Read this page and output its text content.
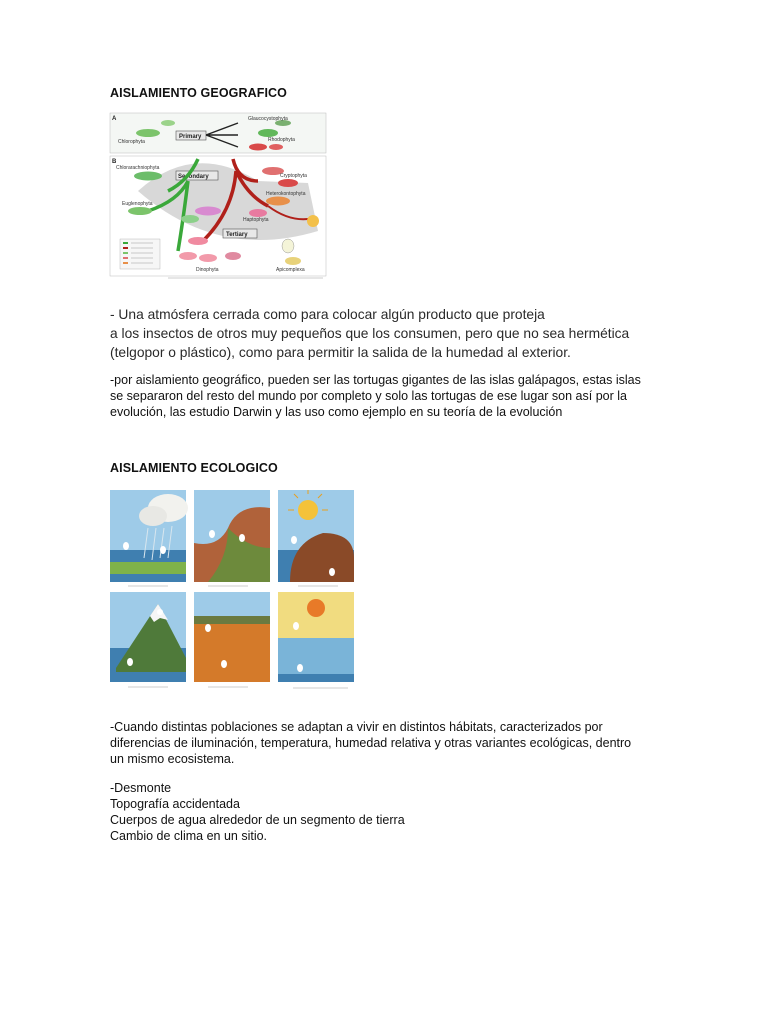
AISLAMIENTO GEOGRAFICO
A
Primary
Glaucocystophyta
Chlorophyta	Rhodophyta
B
Secondary
Chlorarachniophyta
Euglenophyta
Cryptophyta
Heterokontophyta
Haptophyta
Tertiary
Dinophyta	Apicomplexa
- Una atmósfera cerrada como para colocar algún producto que proteja
a los insectos de otros muy pequeños que los consumen, pero que no sea hermética
(telgopor o plástico), como para permitir la salida de la humedad al exterior.
-por aislamiento geográfico, pueden ser las tortugas gigantes de las islas galápagos, estas islas
se separaron del resto del mundo por completo y solo las tortugas de ese lugar son así por la
evolución, las estudio Darwin y las uso como ejemplo en su teoría de la evolución
AISLAMIENTO ECOLOGICO
-Cuando distintas poblaciones se adaptan a vivir en distintos hábitats, caracterizados por
diferencias de iluminación, temperatura, humedad relativa y otras variantes ecológicas, dentro
un mismo ecosistema.
-Desmonte
Topografía accidentada
Cuerpos de agua alrededor de un segmento de tierra
Cambio de clima en un sitio.
